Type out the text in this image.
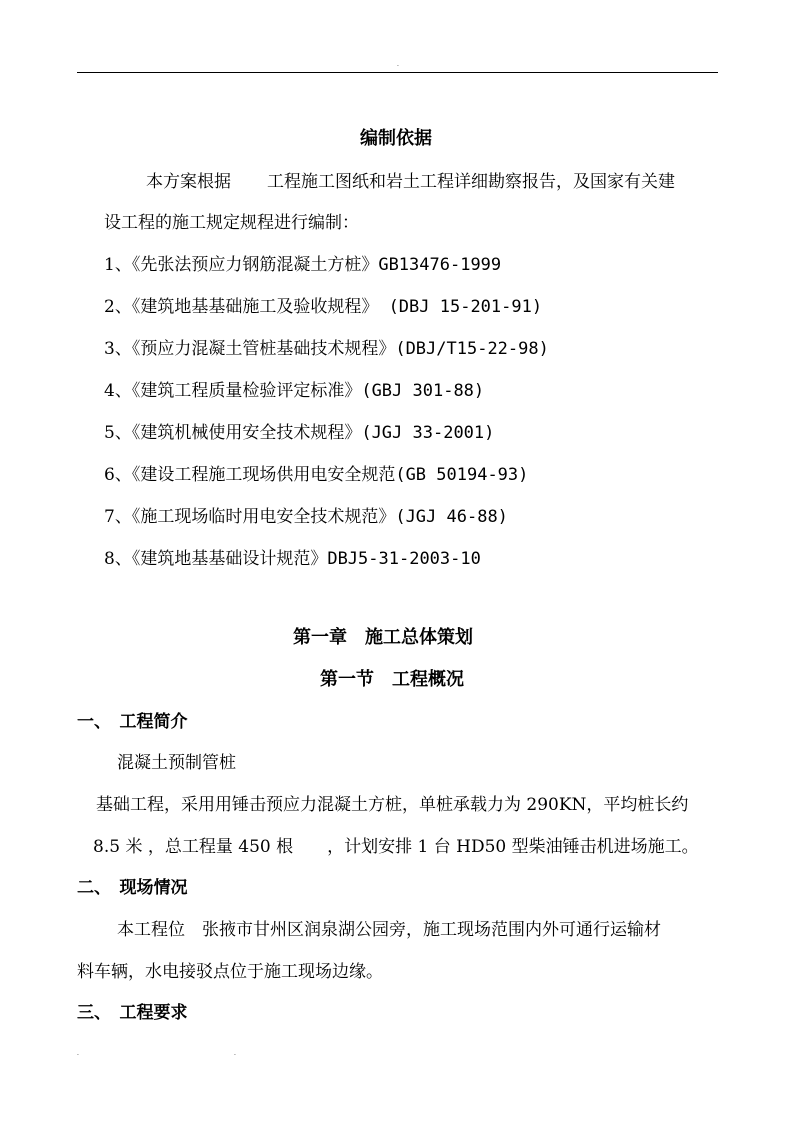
.
编制依据
本方案根据 工程施工图纸和岩土工程详细勘察报告，及国家有关建
设工程的施工规定规程进行编制：
1、《先张法预应力钢筋混凝土方桩》GB13476-1999
2、《建筑地基基础施工及验收规程》 (DBJ 15-201-91)
3、《预应力混凝土管桩基础技术规程》(DBJ/T15-22-98)
4、《建筑工程质量检验评定标准》(GBJ 301-88)
5、《建筑机械使用安全技术规程》(JGJ 33-2001)
6、《建设工程施工现场供用电安全规范(GB 50194-93)
7、《施工现场临时用电安全技术规范》(JGJ 46-88)
8、《建筑地基基础设计规范》DBJ5-31-2003-10
第一章　施工总体策划
第一节　工程概况
一、　工程简介
混凝土预制管桩
基础工程，采用用锤击预应力混凝土方桩，单桩承载力为 290KN，平均桩长约
8.5 米 ，总工程量 450 根 ，计划安排 1 台 HD50 型柴油锤击机进场施工。
二、　现场情况
本工程位 张掖市甘州区润泉湖公园旁，施工现场范围内外可通行运输材
料车辆，水电接驳点位于施工现场边缘。
三、　工程要求
.	.
